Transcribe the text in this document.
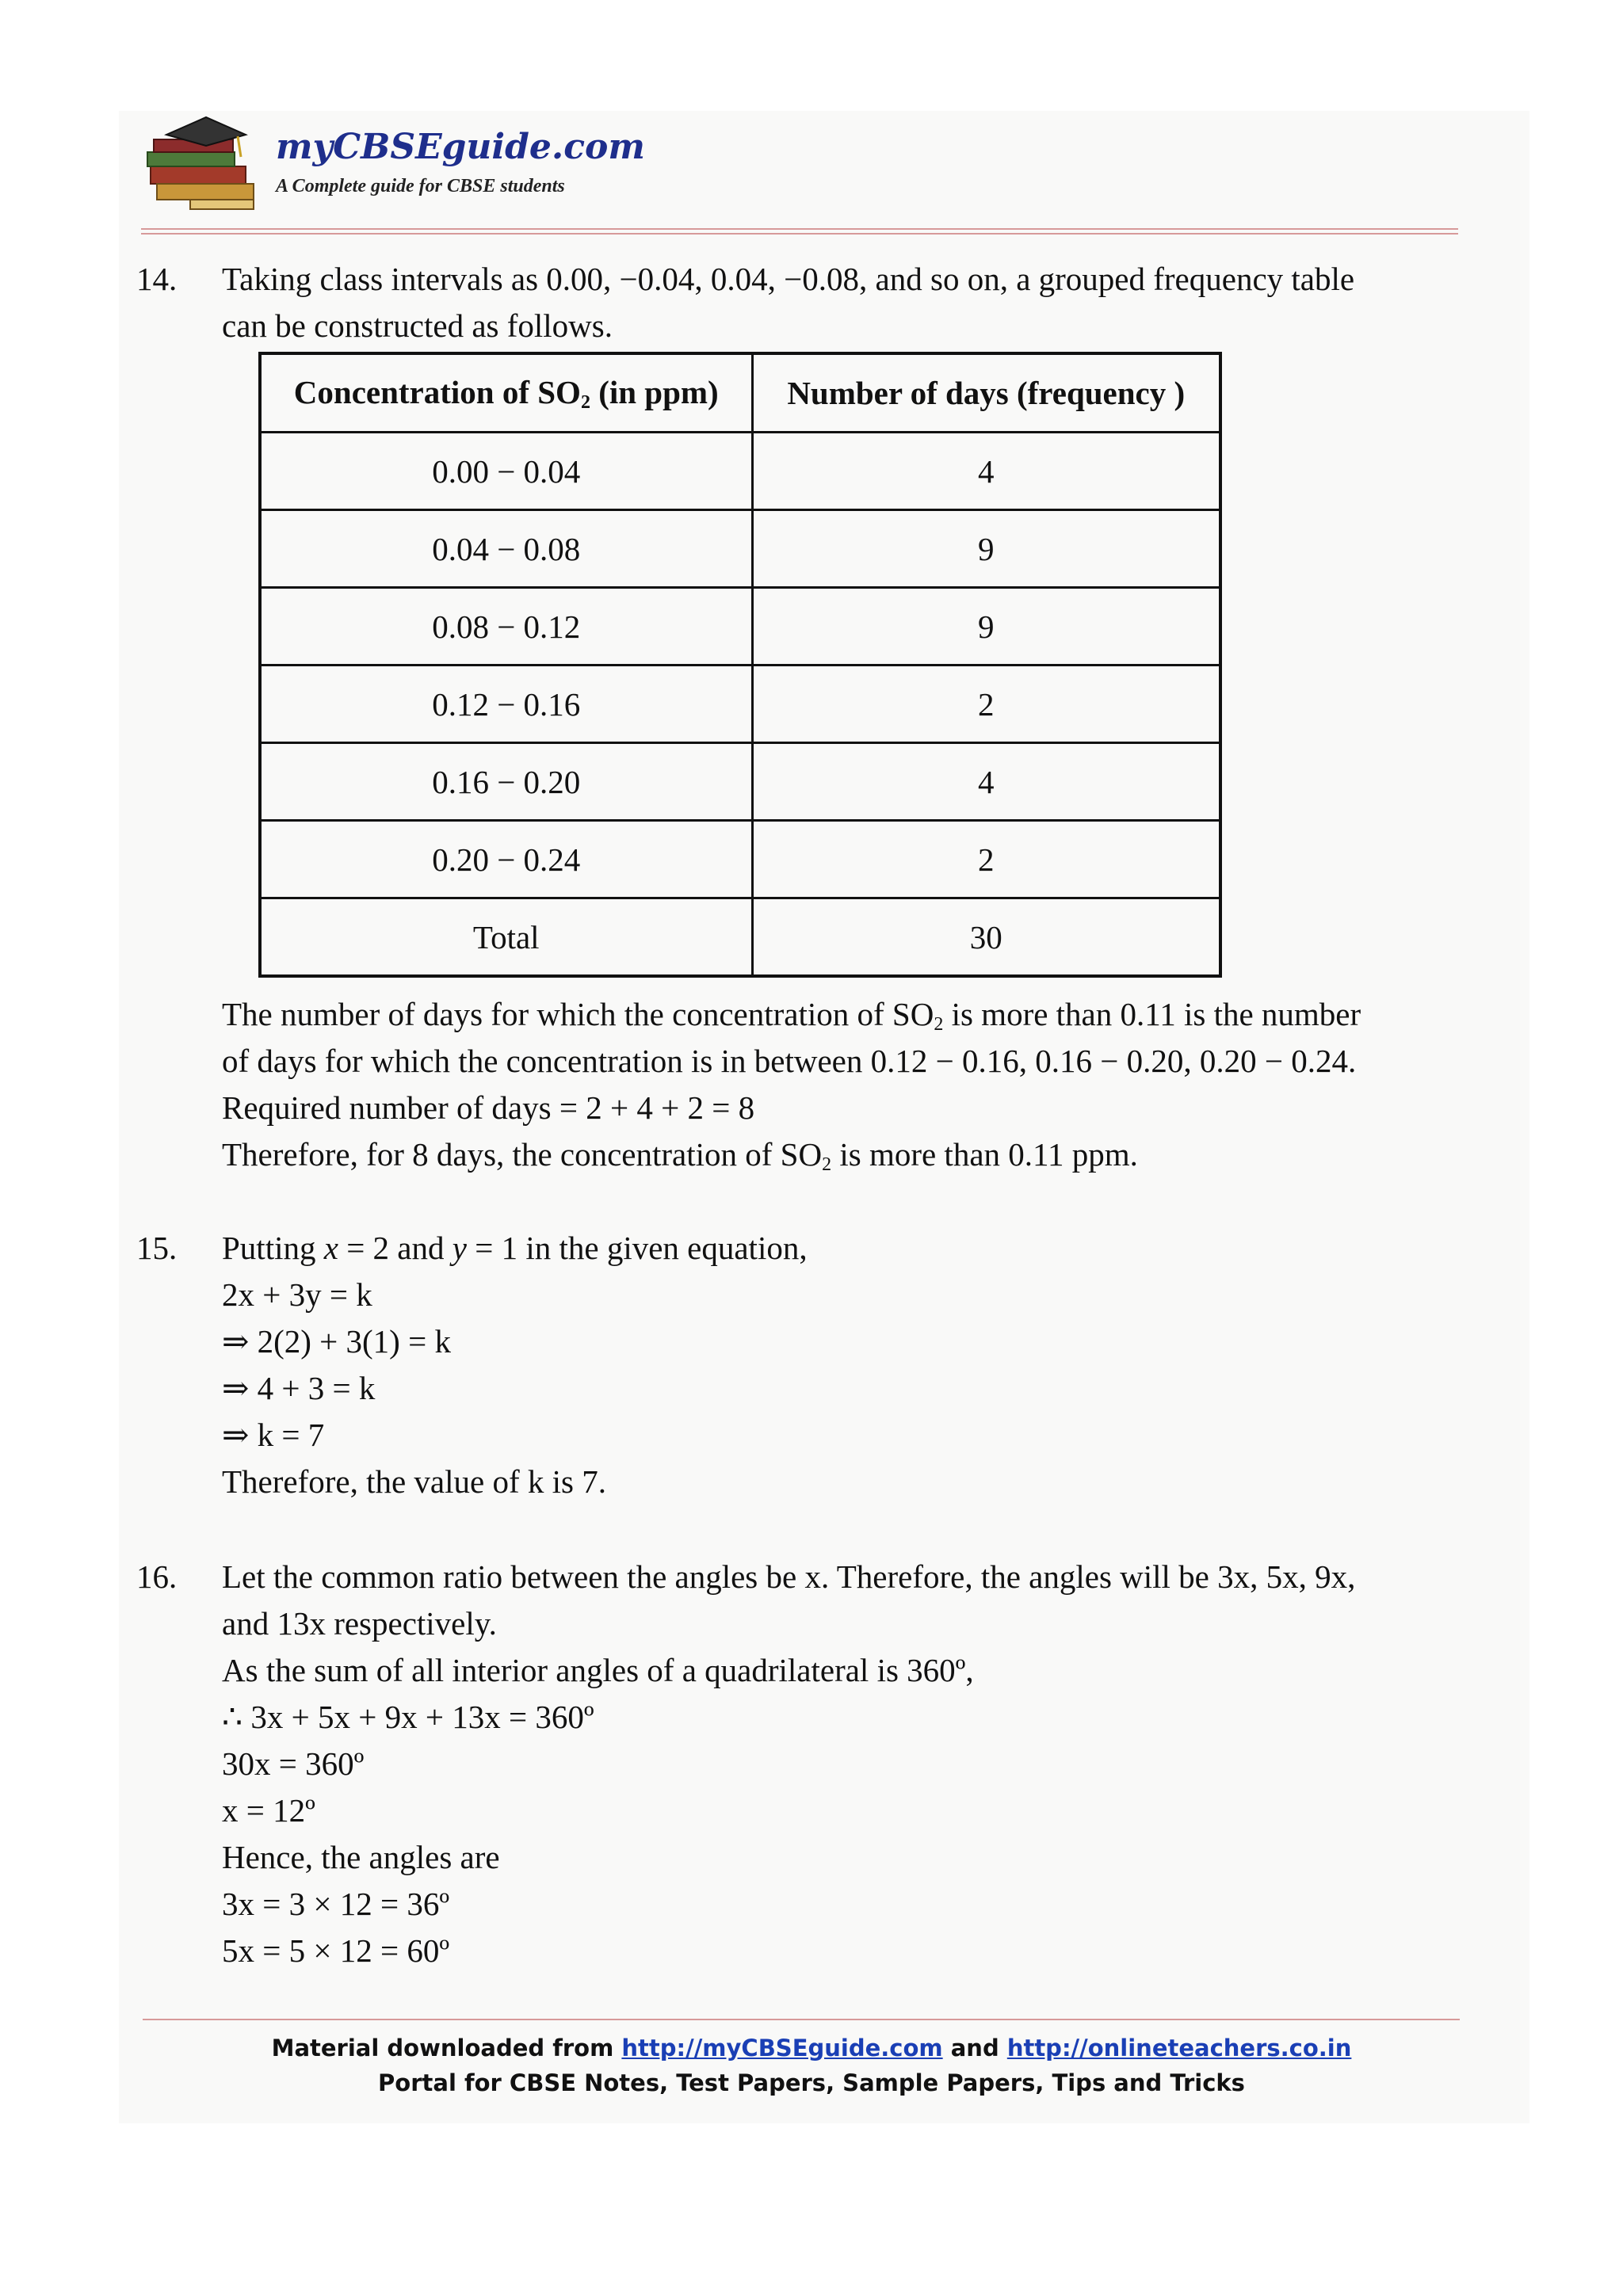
myCBSEguide.com
A Complete guide for CBSE students
14. Taking class intervals as 0.00, −0.04, 0.04, −0.08, and so on, a grouped frequency table
can be constructed as follows.
Concentration of $SO_2$ (in ppm)	Number of days (frequency )
0.00 − 0.04	4
0.04 − 0.08	9
0.08 − 0.12	9
0.12 − 0.16	2
0.16 − 0.20	4
0.20 − 0.24	2
Total	30
The number of days for which the concentration of $SO_2$ is more than 0.11 is the number
of days for which the concentration is in between 0.12 − 0.16, 0.16 − 0.20, 0.20 − 0.24.
Required number of days = 2 + 4 + 2 = 8
Therefore, for 8 days, the concentration of $SO_2$ is more than 0.11 ppm.
15. Putting x = 2 and y = 1 in the given equation,
2x + 3y = k
⇒ 2(2) + 3(1) = k
⇒ 4 + 3 = k
⇒ k = 7
Therefore, the value of k is 7.
16. Let the common ratio between the angles be x. Therefore, the angles will be 3x, 5x, 9x,
and 13x respectively.
As the sum of all interior angles of a quadrilateral is 360º,
∴ 3x + 5x + 9x + 13x = 360º
30x = 360º
x = 12º
Hence, the angles are
3x = 3 × 12 = 36º
5x = 5 × 12 = 60º
Material downloaded from http://myCBSEguide.com and http://onlineteachers.co.in
Portal for CBSE Notes, Test Papers, Sample Papers, Tips and Tricks
